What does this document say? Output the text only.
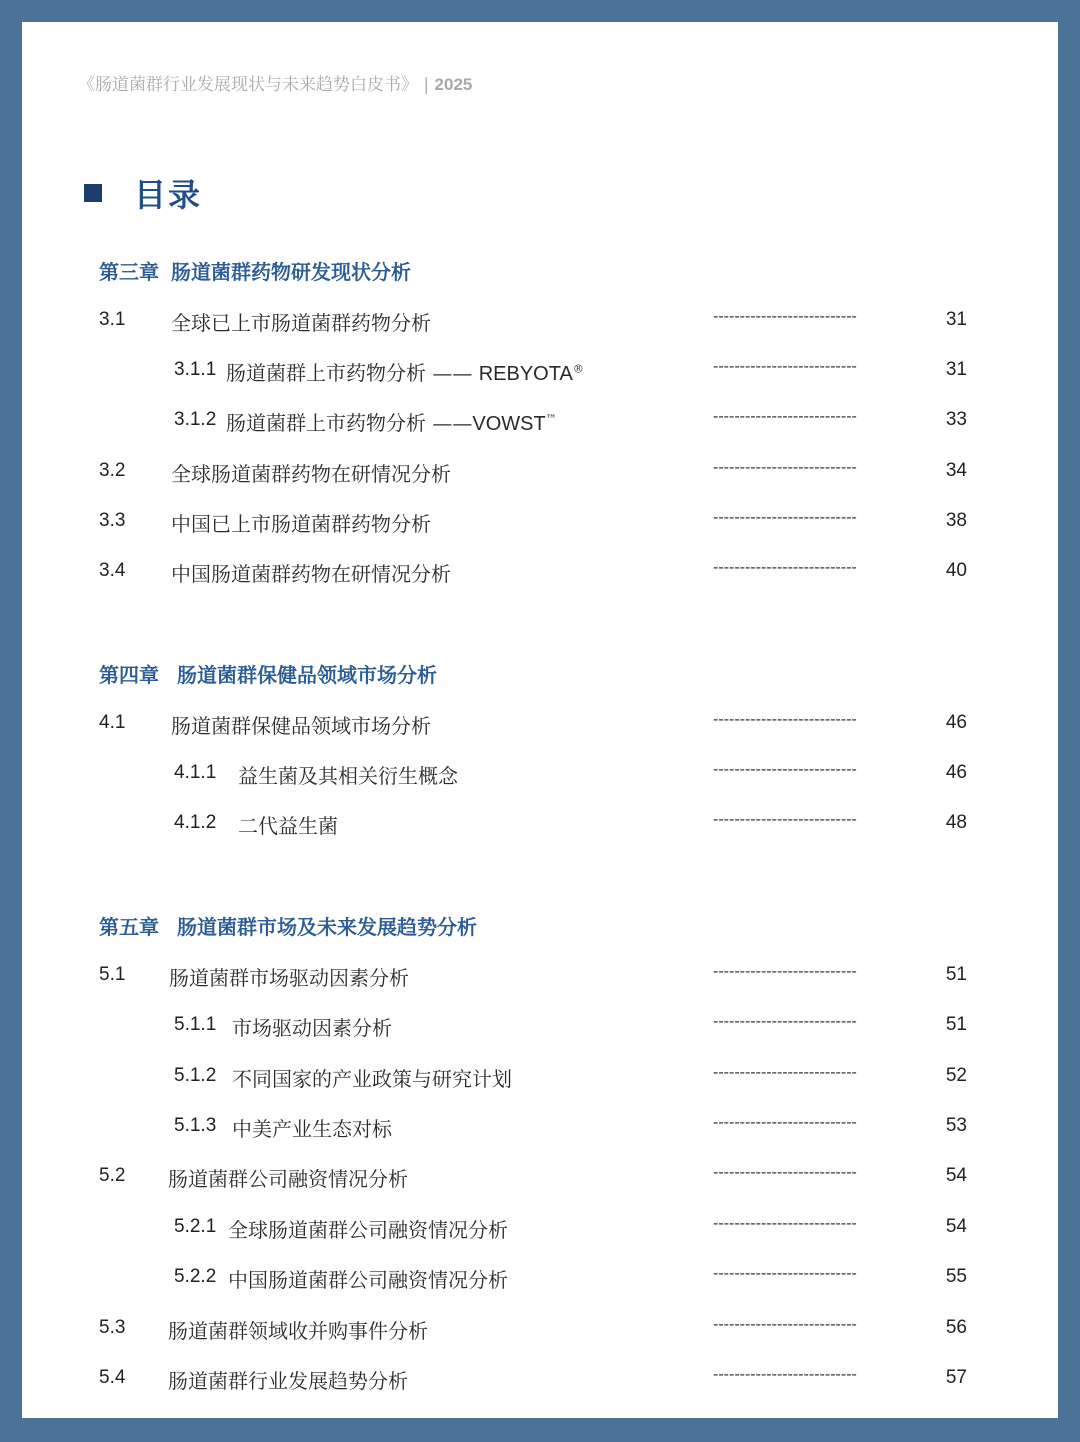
《肠道菌群行业发展现状与未来趋势白皮书》 | 2025
目录
第三章 肠道菌群药物研发现状分析
3.1 全球已上市肠道菌群药物分析	---------------------------	31
3.1.1 肠道菌群上市药物分析 —— REBYOTA®	---------------------------	31
3.1.2 肠道菌群上市药物分析 ——VOWST™	---------------------------	33
3.2 全球肠道菌群药物在研情况分析	---------------------------	34
3.3 中国已上市肠道菌群药物分析	---------------------------	38
3.4 中国肠道菌群药物在研情况分析	---------------------------	40
第四章 肠道菌群保健品领域市场分析
4.1 肠道菌群保健品领域市场分析	---------------------------	46
4.1.1 益生菌及其相关衍生概念	---------------------------	46
4.1.2 二代益生菌	---------------------------	48
第五章 肠道菌群市场及未来发展趋势分析
5.1 肠道菌群市场驱动因素分析	---------------------------	51
5.1.1 市场驱动因素分析	---------------------------	51
5.1.2 不同国家的产业政策与研究计划	---------------------------	52
5.1.3 中美产业生态对标	---------------------------	53
5.2 肠道菌群公司融资情况分析	---------------------------	54
5.2.1 全球肠道菌群公司融资情况分析	---------------------------	54
5.2.2 中国肠道菌群公司融资情况分析	---------------------------	55
5.3 肠道菌群领域收并购事件分析	---------------------------	56
5.4 肠道菌群行业发展趋势分析	---------------------------	57
